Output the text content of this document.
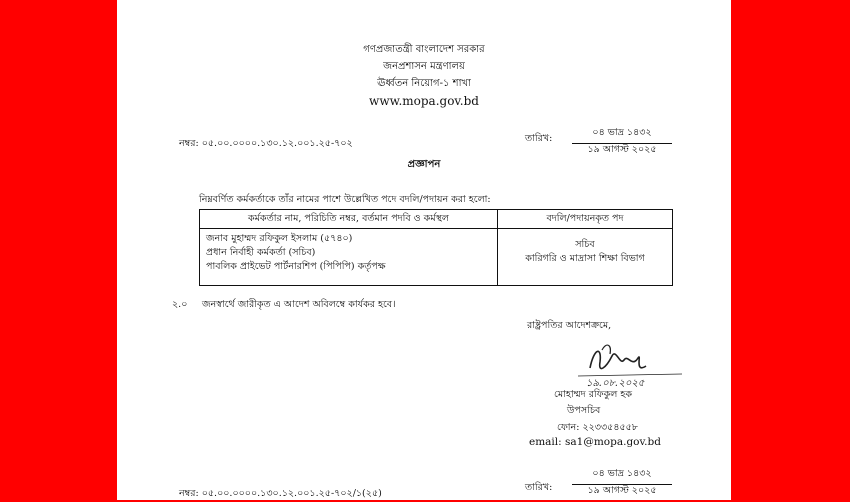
গণপ্রজাতন্ত্রী বাংলাদেশ সরকার
জনপ্রশাসন মন্ত্রণালয়
ঊর্ধ্বতন নিয়োগ-১ শাখা
www.mopa.gov.bd
নম্বর: ০৫.০০.০০০০.১৩০.১২.০০১.২৫-৭০২	তারিখ:
০৪ ভাদ্র ১৪৩২
১৯ আগস্ট ২০২৫
প্রজ্ঞাপন
নিম্নবর্ণিত কর্মকর্তাকে তাঁর নামের পাশে উল্লেখিত পদে বদলি/পদায়ন করা হলো:
কর্মকর্তার নাম, পরিচিতি নম্বর, বর্তমান পদবি ও কর্মস্থল	বদলি/পদায়নকৃত পদ

জনাব মুহাম্মদ রফিকুল ইসলাম (৫৭৪০)
প্রধান নির্বাহী কর্মকর্তা (সচিব)
পাবলিক প্রাইভেট পার্টনারশিপ (পিপিপি) কর্তৃপক্ষ	সচিব
কারিগরি ও মাদ্রাসা শিক্ষা বিভাগ
২.০ জনস্বার্থে জারীকৃত এ আদেশ অবিলম্বে কার্যকর হবে।
রাষ্ট্রপতির আদেশক্রমে,
১৯.০৮.২০২৫
মোহাম্মদ রফিকুল হক
উপসচিব
ফোন: ২২৩৩৫৪৫৫৮
email: sa1@mopa.gov.bd
নম্বর: ০৫.০০.০০০০.১৩০.১২.০০১.২৫-৭০২/১(২৫)
তারিখ:
০৪ ভাদ্র ১৪৩২
১৯ আগস্ট ২০২৫
